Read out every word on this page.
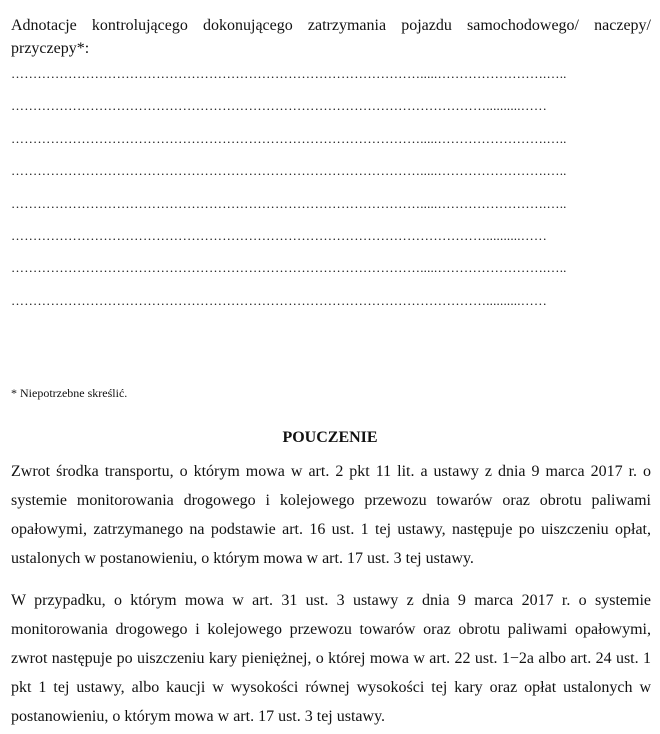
Adnotacje kontrolującego dokonującego zatrzymania pojazdu samochodowego/ naczepy/ przyczepy*:
………………………………………………………………………………….....…………………….…..
………………………………………………………………………………………………..........……
………………………………………………………………………………….....…………………….…..
………………………………………………………………………………….....…………………….…..
………………………………………………………………………………….....…………………….…..
………………………………………………………………………………………………..........……
………………………………………………………………………………….....…………………….…..
………………………………………………………………………………………………..........……
* Niepotrzebne skreślić.
POUCZENIE
Zwrot środka transportu, o którym mowa w art. 2 pkt 11 lit. a ustawy z dnia 9 marca 2017 r. o systemie monitorowania drogowego i kolejowego przewozu towarów oraz obrotu paliwami opałowymi, zatrzymanego na podstawie art. 16 ust. 1 tej ustawy, następuje po uiszczeniu opłat, ustalonych w postanowieniu, o którym mowa w art. 17 ust. 3 tej ustawy.
W przypadku, o którym mowa w art. 31 ust. 3 ustawy z dnia 9 marca 2017 r. o systemie monitorowania drogowego i kolejowego przewozu towarów oraz obrotu paliwami opałowymi, zwrot następuje po uiszczeniu kary pieniężnej, o której mowa w art. 22 ust. 1−2a albo art. 24 ust. 1 pkt 1 tej ustawy, albo kaucji w wysokości równej wysokości tej kary oraz opłat ustalonych w postanowieniu, o którym mowa w art. 17 ust. 3 tej ustawy.
